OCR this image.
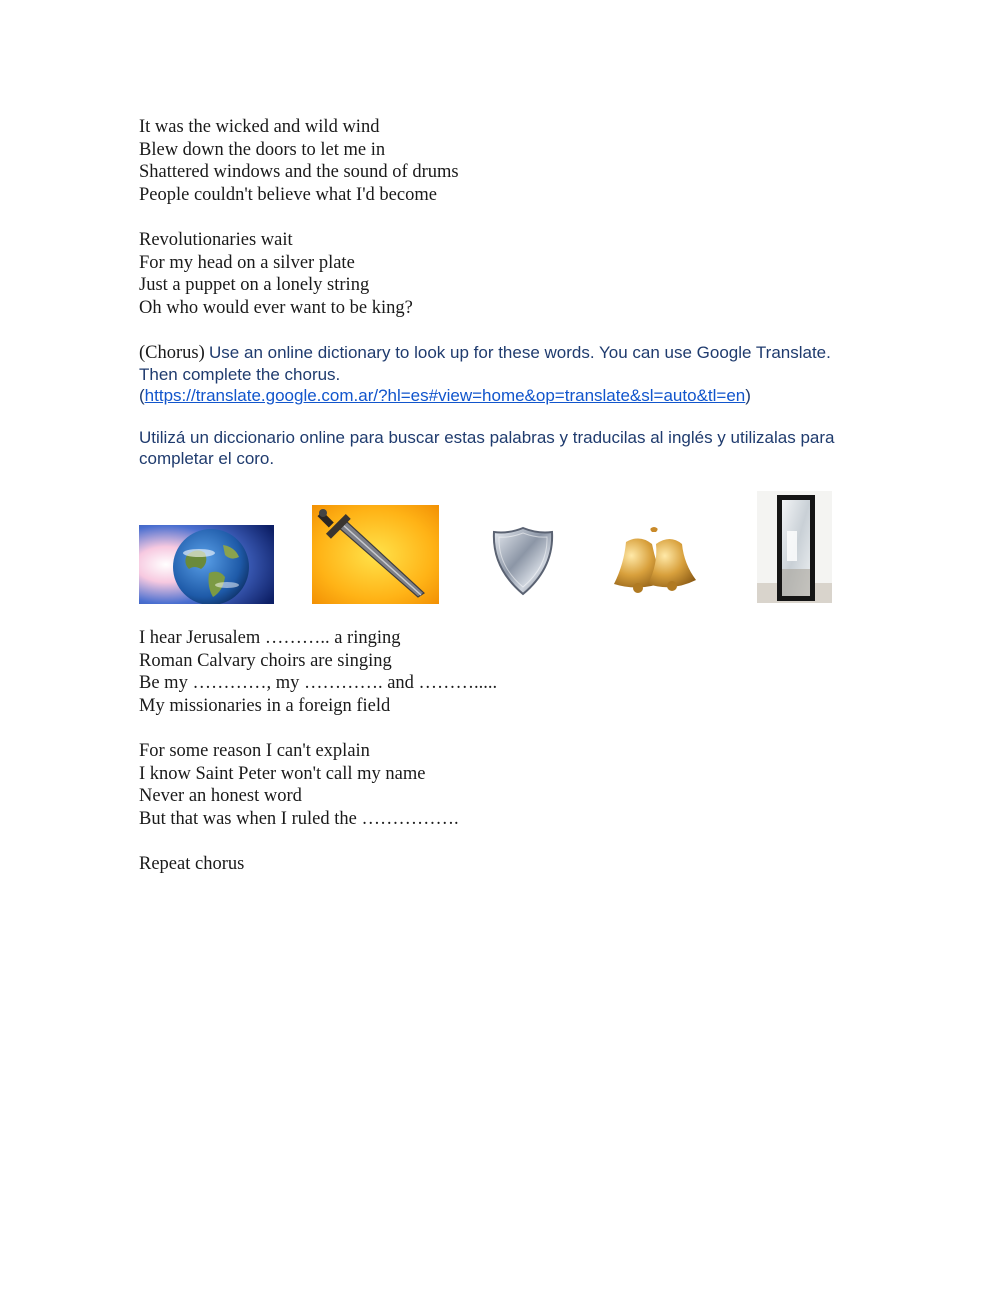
It was the wicked and wild wind
Blew down the doors to let me in
Shattered windows and the sound of drums
People couldn't believe what I'd become
Revolutionaries wait
For my head on a silver plate
Just a puppet on a lonely string
Oh who would ever want to be king?
(Chorus) Use an online dictionary to look up for these words. You can use Google Translate. Then complete the chorus.
(https://translate.google.com.ar/?hl=es#view=home&op=translate&sl=auto&tl=en)
Utilizá un diccionario online para buscar estas palabras y traducilas al inglés y utilizalas para completar el coro.
I hear Jerusalem ……….. a ringing
Roman Calvary choirs are singing
Be my …………, my …………. and ……….....
My missionaries in a foreign field
For some reason I can't explain
I know Saint Peter won't call my name
Never an honest word
But that was when I ruled the …………….
Repeat chorus
